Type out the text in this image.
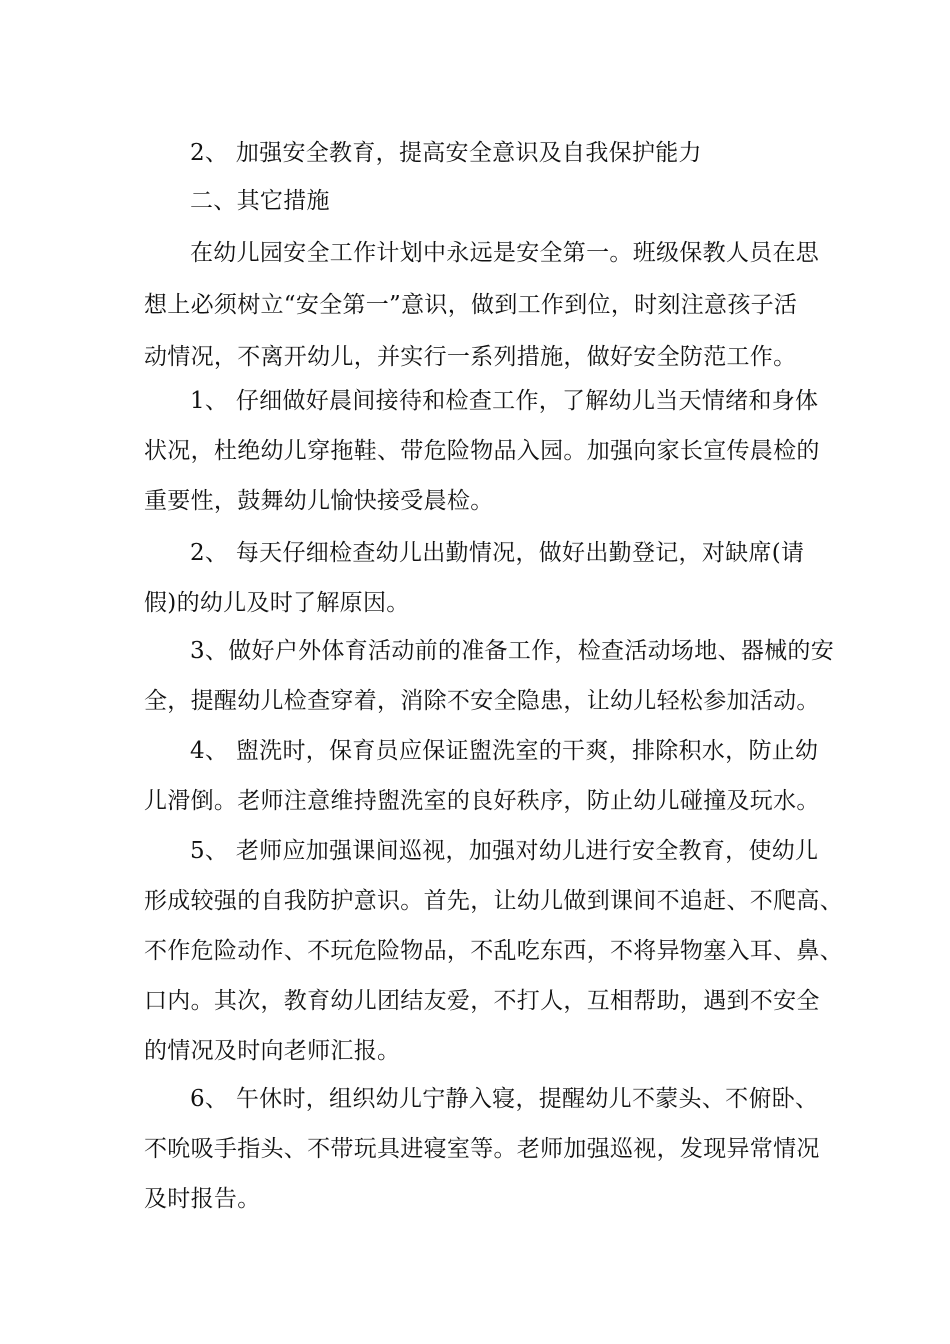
2、 加强安全教育，提高安全意识及自我保护能力
二、其它措施
在幼儿园安全工作计划中永远是安全第一。班级保教人员在思
想上必须树立“安全第一”意识，做到工作到位，时刻注意孩子活
动情况，不离开幼儿，并实行一系列措施，做好安全防范工作。
1、 仔细做好晨间接待和检查工作，了解幼儿当天情绪和身体
状况，杜绝幼儿穿拖鞋、带危险物品入园。加强向家长宣传晨检的
重要性，鼓舞幼儿愉快接受晨检。
2、 每天仔细检查幼儿出勤情况，做好出勤登记，对缺席(请
假)的幼儿及时了解原因。
3、做好户外体育活动前的准备工作，检查活动场地、器械的安
全，提醒幼儿检查穿着，消除不安全隐患，让幼儿轻松参加活动。
4、 盥洗时，保育员应保证盥洗室的干爽，排除积水，防止幼
儿滑倒。老师注意维持盥洗室的良好秩序，防止幼儿碰撞及玩水。
5、 老师应加强课间巡视，加强对幼儿进行安全教育，使幼儿
形成较强的自我防护意识。首先，让幼儿做到课间不追赶、不爬高、
不作危险动作、不玩危险物品，不乱吃东西，不将异物塞入耳、鼻、
口内。其次，教育幼儿团结友爱，不打人，互相帮助，遇到不安全
的情况及时向老师汇报。
6、 午休时，组织幼儿宁静入寝，提醒幼儿不蒙头、不俯卧、
不吮吸手指头、不带玩具进寝室等。老师加强巡视，发现异常情况
及时报告。
